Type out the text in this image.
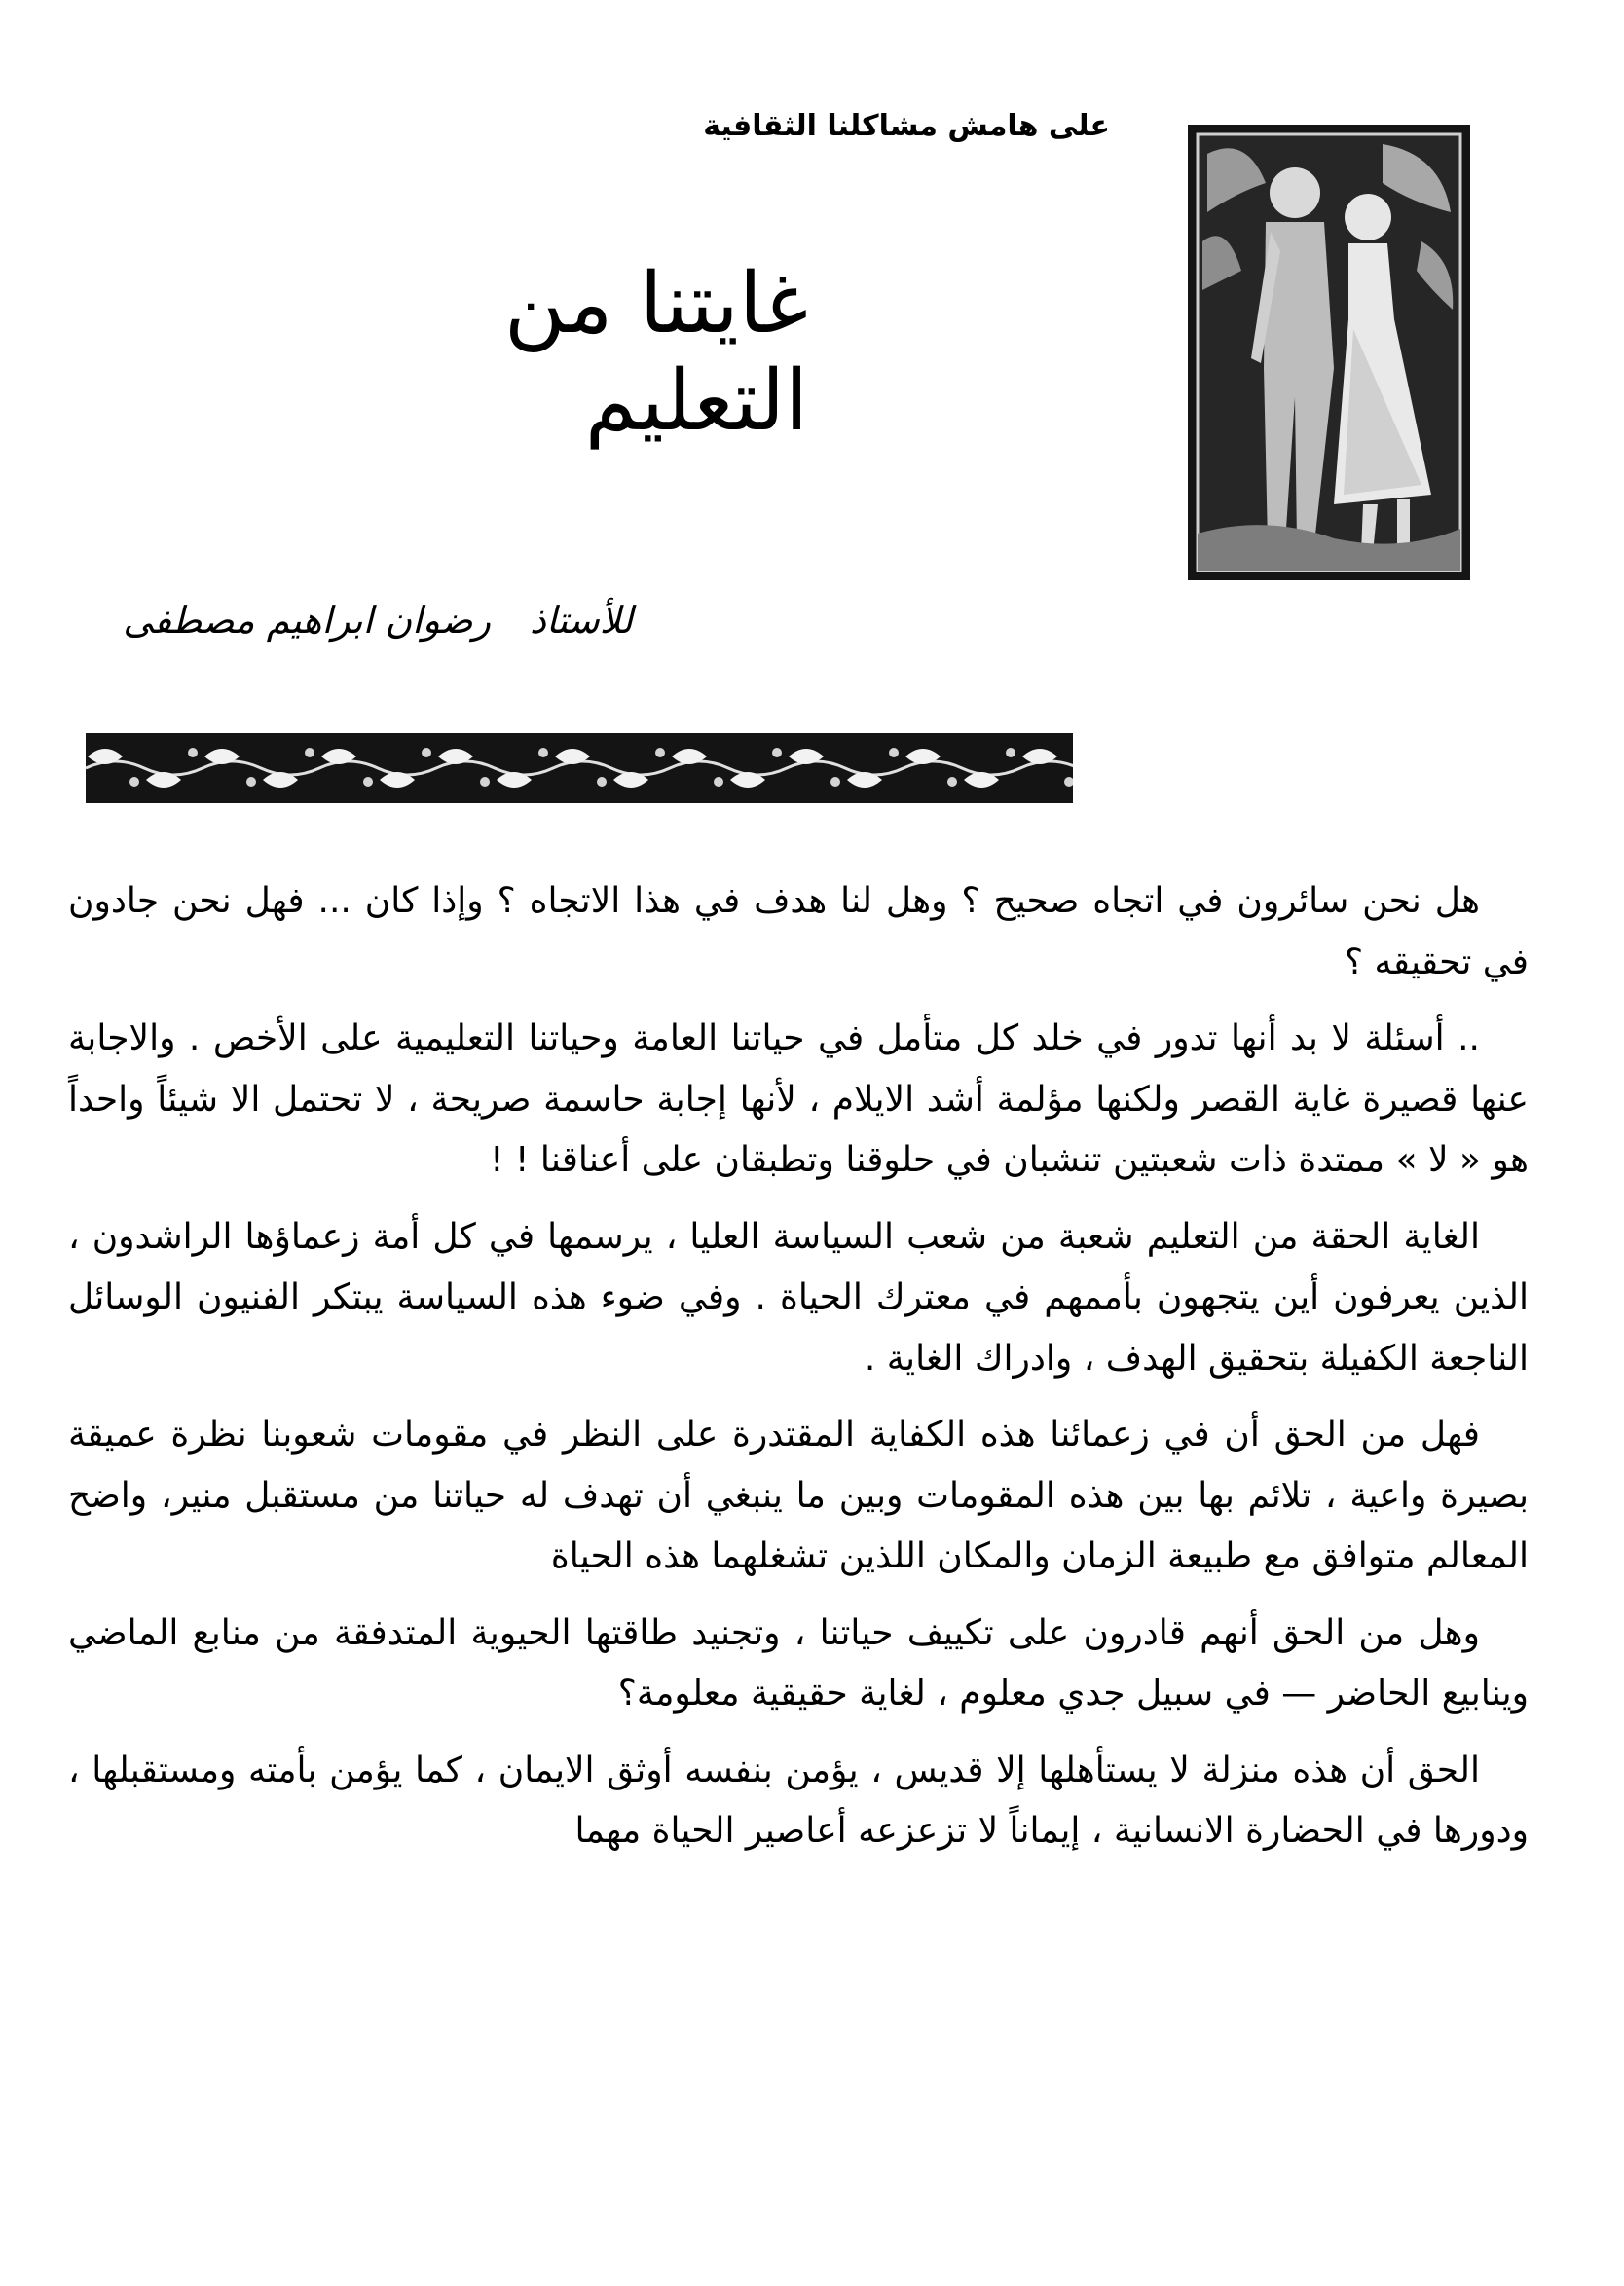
على هامش مشاكلنا الثقافية
غايتنا من التعليم
للأستاذ
رضوان ابراهيم مصطفى

هل نحن سائرون في اتجاه صحيح ؟ وهل لنا هدف في هذا الاتجاه ؟ وإذا كان ... فهل نحن جادون في تحقيقه ؟

.. أسئلة لا بد أنها تدور في خلد كل متأمل في حياتنا العامة وحياتنا التعليمية على الأخص . والاجابة عنها قصيرة غاية القصر ولكنها مؤلمة أشد الايلام ، لأنها إجابة حاسمة صريحة ، لا تحتمل الا شيئاً واحداً هو « لا » ممتدة ذات شعبتين تنشبان في حلوقنا وتطبقان على أعناقنا ! !

الغاية الحقة من التعليم شعبة من شعب السياسة العليا ، يرسمها في كل أمة زعماؤها الراشدون ، الذين يعرفون أين يتجهون بأممهم في معترك الحياة . وفي ضوء هذه السياسة يبتكر الفنيون الوسائل الناجعة الكفيلة بتحقيق الهدف ، وادراك الغاية .

فهل من الحق أن في زعمائنا هذه الكفاية المقتدرة على النظر في مقومات شعوبنا نظرة عميقة بصيرة واعية ، تلائم بها بين هذه المقومات وبين ما ينبغي أن تهدف له حياتنا من مستقبل منير، واضح المعالم متوافق مع طبيعة الزمان والمكان اللذين تشغلهما هذه الحياة

وهل من الحق أنهم قادرون على تكييف حياتنا ، وتجنيد طاقتها الحيوية المتدفقة من منابع الماضي وينابيع الحاضر — في سبيل جدي معلوم ، لغاية حقيقية معلومة؟

الحق أن هذه منزلة لا يستأهلها إلا قديس ، يؤمن بنفسه أوثق الايمان ، كما يؤمن بأمته ومستقبلها ، ودورها في الحضارة الانسانية ، إيماناً لا تزعزعه أعاصير الحياة مهما
